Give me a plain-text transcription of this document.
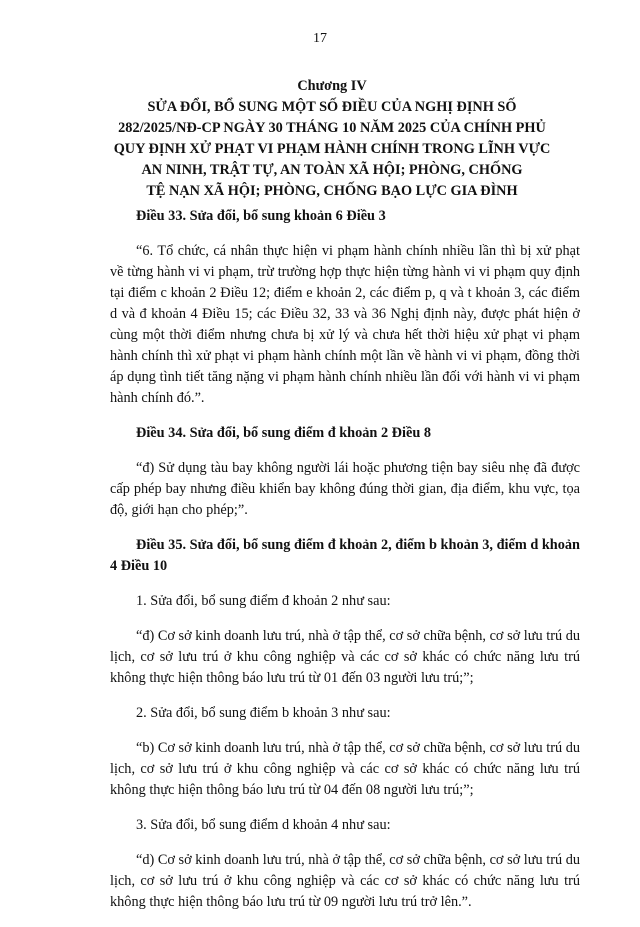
17
Chương IV
SỬA ĐỔI, BỔ SUNG MỘT SỐ ĐIỀU CỦA NGHỊ ĐỊNH SỐ
282/2025/NĐ-CP NGÀY 30 THÁNG 10 NĂM 2025 CỦA CHÍNH PHỦ
QUY ĐỊNH XỬ PHẠT VI PHẠM HÀNH CHÍNH TRONG LĨNH VỰC
AN NINH, TRẬT TỰ, AN TOÀN XÃ HỘI; PHÒNG, CHỐNG
TỆ NẠN XÃ HỘI; PHÒNG, CHỐNG BẠO LỰC GIA ĐÌNH

Điều 33. Sửa đổi, bổ sung khoản 6 Điều 3

“6. Tổ chức, cá nhân thực hiện vi phạm hành chính nhiều lần thì bị xử phạt về từng hành vi vi phạm, trừ trường hợp thực hiện từng hành vi vi phạm quy định tại điểm c khoản 2 Điều 12; điểm e khoản 2, các điểm p, q và t khoản 3, các điểm d và đ khoản 4 Điều 15; các Điều 32, 33 và 36 Nghị định này, được phát hiện ở cùng một thời điểm nhưng chưa bị xử lý và chưa hết thời hiệu xử phạt vi phạm hành chính thì xử phạt vi phạm hành chính một lần về hành vi vi phạm, đồng thời áp dụng tình tiết tăng nặng vi phạm hành chính nhiều lần đối với hành vi vi phạm hành chính đó.”.

Điều 34. Sửa đổi, bổ sung điểm đ khoản 2 Điều 8

“đ) Sử dụng tàu bay không người lái hoặc phương tiện bay siêu nhẹ đã được cấp phép bay nhưng điều khiển bay không đúng thời gian, địa điểm, khu vực, tọa độ, giới hạn cho phép;”.

Điều 35. Sửa đổi, bổ sung điểm đ khoản 2, điểm b khoản 3, điểm d khoản 4 Điều 10

1. Sửa đổi, bổ sung điểm đ khoản 2 như sau:

“đ) Cơ sở kinh doanh lưu trú, nhà ở tập thể, cơ sở chữa bệnh, cơ sở lưu trú du lịch, cơ sở lưu trú ở khu công nghiệp và các cơ sở khác có chức năng lưu trú không thực hiện thông báo lưu trú từ 01 đến 03 người lưu trú;”;

2. Sửa đổi, bổ sung điểm b khoản 3 như sau:

“b) Cơ sở kinh doanh lưu trú, nhà ở tập thể, cơ sở chữa bệnh, cơ sở lưu trú du lịch, cơ sở lưu trú ở khu công nghiệp và các cơ sở khác có chức năng lưu trú không thực hiện thông báo lưu trú từ 04 đến 08 người lưu trú;”;

3. Sửa đổi, bổ sung điểm d khoản 4 như sau:

“d) Cơ sở kinh doanh lưu trú, nhà ở tập thể, cơ sở chữa bệnh, cơ sở lưu trú du lịch, cơ sở lưu trú ở khu công nghiệp và các cơ sở khác có chức năng lưu trú không thực hiện thông báo lưu trú từ 09 người lưu trú trở lên.”.
